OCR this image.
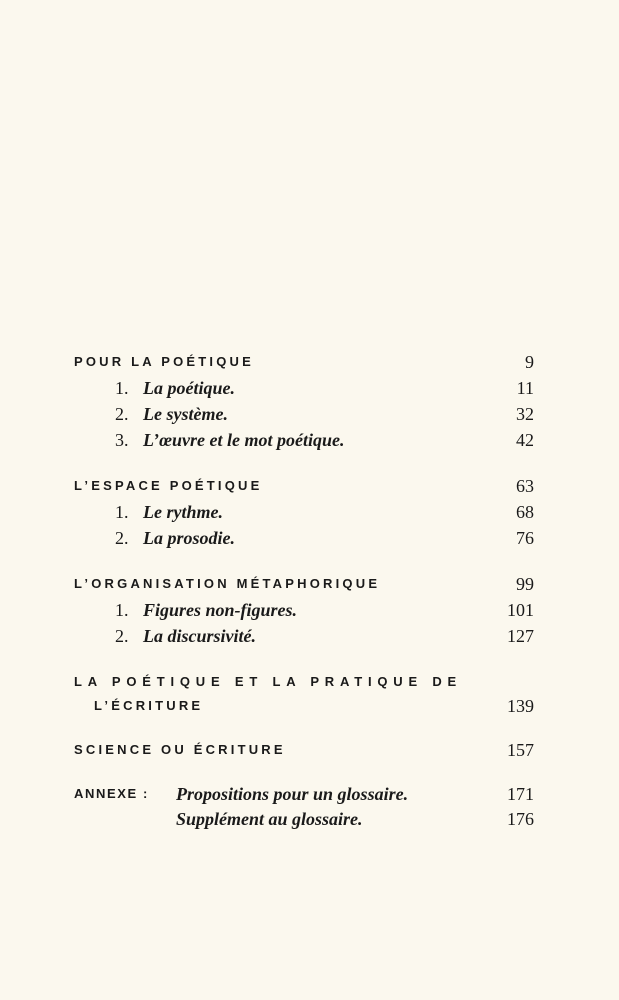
POUR LA POÉTIQUE	9
1. La poétique.	11
2. Le système.	32
3. L’œuvre et le mot poétique.	42
L’ESPACE POÉTIQUE	63
1. Le rythme.	68
2. La prosodie.	76
L’ORGANISATION MÉTAPHORIQUE	99
1. Figures non-figures.	101
2. La discursivité.	127
LA POÉTIQUE ET LA PRATIQUE DE
L’ÉCRITURE	139
SCIENCE OU ÉCRITURE	157
ANNEXE : Propositions pour un glossaire.	171
Supplément au glossaire.	176
